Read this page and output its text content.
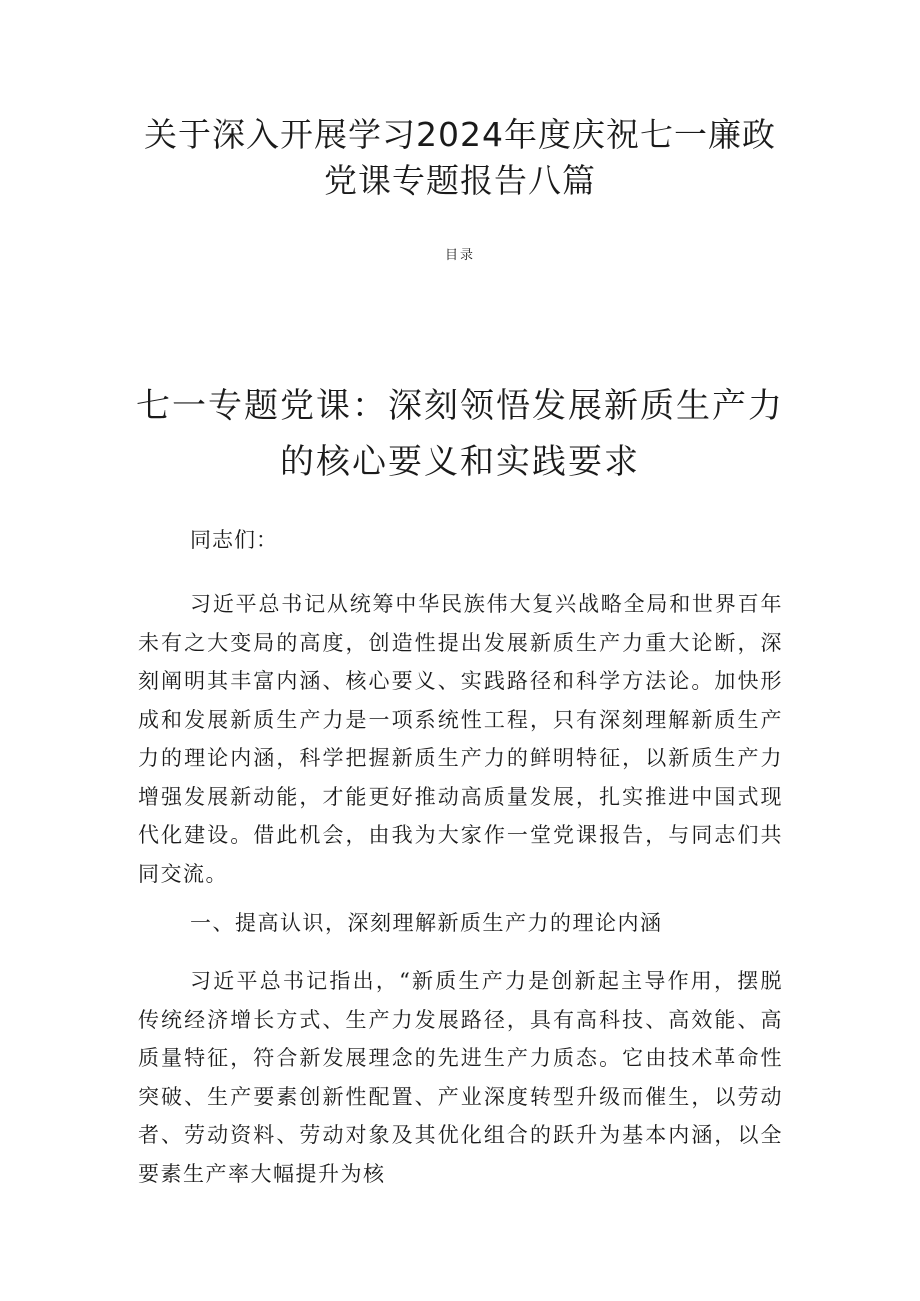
关于深入开展学习2024年度庆祝七一廉政
党课专题报告八篇

目录

七一专题党课：深刻领悟发展新质生产力
的核心要义和实践要求

同志们：

习近平总书记从统筹中华民族伟大复兴战略全局和世界百年未有之大变局的高度，创造性提出发展新质生产力重大论断，深刻阐明其丰富内涵、核心要义、实践路径和科学方法论。加快形成和发展新质生产力是一项系统性工程，只有深刻理解新质生产力的理论内涵，科学把握新质生产力的鲜明特征，以新质生产力增强发展新动能，才能更好推动高质量发展，扎实推进中国式现代化建设。借此机会，由我为大家作一堂党课报告，与同志们共同交流。

一、提高认识，深刻理解新质生产力的理论内涵

习近平总书记指出，“新质生产力是创新起主导作用，摆脱传统经济增长方式、生产力发展路径，具有高科技、高效能、高质量特征，符合新发展理念的先进生产力质态。它由技术革命性突破、生产要素创新性配置、产业深度转型升级而催生，以劳动者、劳动资料、劳动对象及其优化组合的跃升为基本内涵，以全要素生产率大幅提升为核
